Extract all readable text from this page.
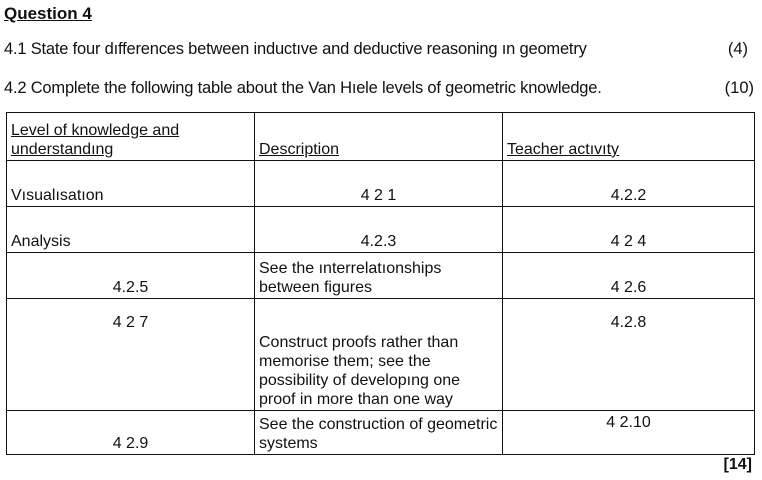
Question 4
4.1 State four dıfferences between inductıve and deductive reasoning ın geometry	(4)
4.2 Complete the following table about the Van Hıele levels of geometric knowledge.	(10)
Level of knowledge and understandıng	Description	Teacher actıvıty
Vısualısatıon	4 2 1	4.2.2
Analysis	4.2.3	4 2 4
4.2.5	See the ınterrelatıonships between figures	4 2.6
4 2 7	Construct proofs rather than memorise them; see the possibility of developıng one proof in more than one way	4.2.8
4 2.9	See the construction of geometric systems	4 2.10
[14]
